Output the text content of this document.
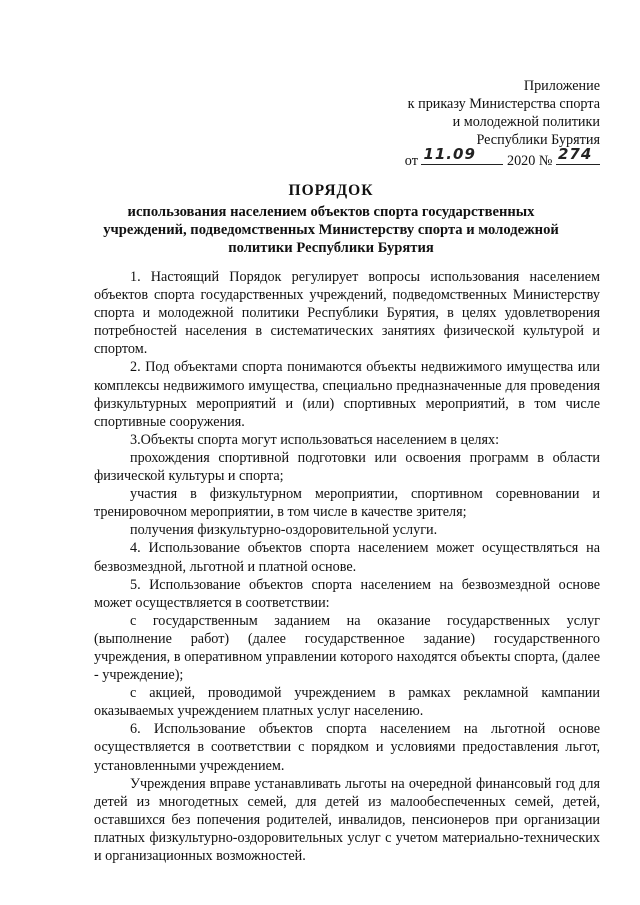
Приложение
к приказу Министерства спорта
и молодежной политики
Республики Бурятия
от 11.09 2020 № 274
ПОРЯДОК
использования населением объектов спорта государственных учреждений, подведомственных Министерству спорта и молодежной политики Республики Бурятия

1. Настоящий Порядок регулирует вопросы использования населением объектов спорта государственных учреждений, подведомственных Министерству спорта и молодежной политики Республики Бурятия, в целях удовлетворения потребностей населения в систематических занятиях физической культурой и спортом.

2. Под объектами спорта понимаются объекты недвижимого имущества или комплексы недвижимого имущества, специально предназначенные для проведения физкультурных мероприятий и (или) спортивных мероприятий, в том числе спортивные сооружения.

3.Объекты спорта могут использоваться населением в целях:

прохождения спортивной подготовки или освоения программ в области физической культуры и спорта;

участия в физкультурном мероприятии, спортивном соревновании и тренировочном мероприятии, в том числе в качестве зрителя;

получения физкультурно-оздоровительной услуги.

4. Использование объектов спорта населением может осуществляться на безвозмездной, льготной и платной основе.

5. Использование объектов спорта населением на безвозмездной основе может осуществляется в соответствии:

с государственным заданием на оказание государственных услуг (выполнение работ) (далее государственное задание) государственного учреждения, в оперативном управлении которого находятся объекты спорта, (далее - учреждение);

с акцией, проводимой учреждением в рамках рекламной кампании оказываемых учреждением платных услуг населению.

6. Использование объектов спорта населением на льготной основе осуществляется в соответствии с порядком и условиями предоставления льгот, установленными учреждением.

Учреждения вправе устанавливать льготы на очередной финансовый год для детей из многодетных семей, для детей из малообеспеченных семей, детей, оставшихся без попечения родителей, инвалидов, пенсионеров при организации платных физкультурно-оздоровительных услуг с учетом материально-технических и организационных возможностей.
